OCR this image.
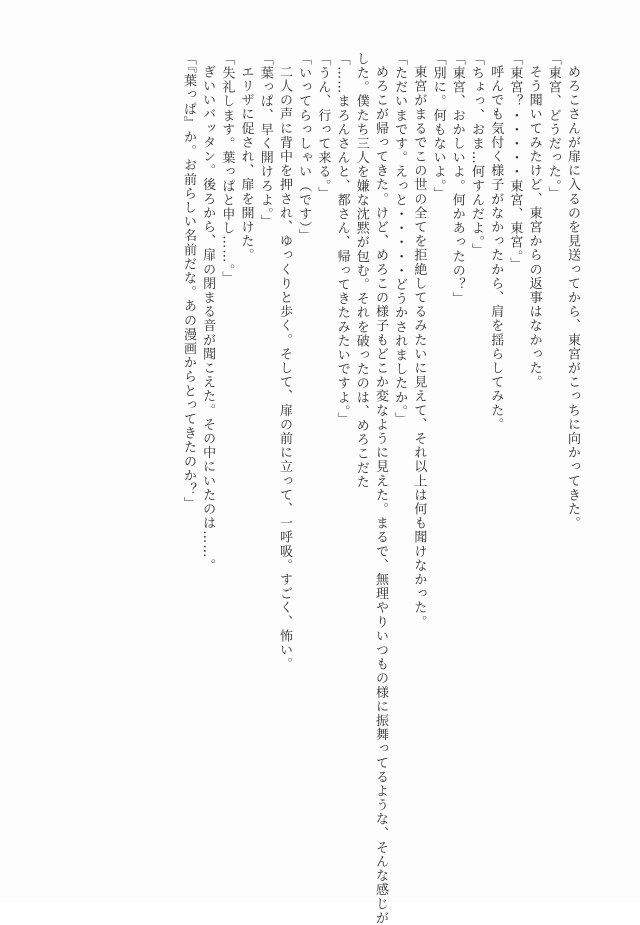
めろこさんが扉に入るのを見送ってから、東宮がこっちに向かってきた。
「東宮、どうだった。」
そう聞いてみたけど、東宮からの返事はなかった。
「東宮？・・・・・東宮、東宮。」
呼んでも気付く様子がなかったから、肩を揺らしてみた。
「ちょっ、おま…何すんだよ。」
「東宮、おかしいよ。何かあったの？」
「別に。何もないよ。」
東宮がまるでこの世の全てを拒絶してるみたいに見えて、それ以上は何も聞けなかった。
「ただいまです。えっと・・・・・どうかされましたか。」
めろこが帰ってきた。けど、めろこの様子もどこか変なように見えた。まるで、無理やりいつもの様に振舞ってるような、そんな感じが
した。僕たち三人を嫌な沈黙が包む。それを破ったのは、めろこだた
「……まろんさんと、都さん、帰ってきたみたいですよ。」
「うん、行って来る。」
「いってらっしゃい（です）」
二人の声に背中を押され、ゆっくりと歩く。そして、扉の前に立って、一呼吸。すごく、怖い。
「葉っぱ、早く開けろよ。」
エリザに促され、扉を開けた。
「失礼します。葉っぱと申し……。」
ぎいいバッタン。後ろから、扉の閉まる音が聞こえた。その中にいたのは……。
「『葉っぱ』か。お前らしい名前だな。あの漫画からとってきたのか？」
